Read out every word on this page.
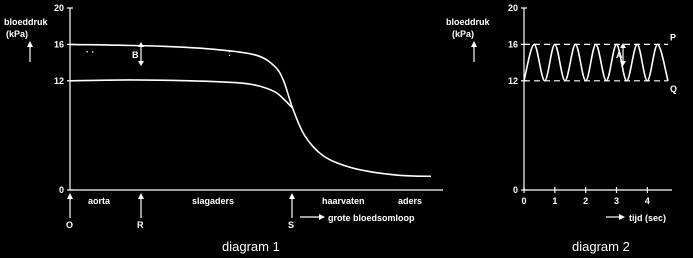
bloeddruk
(kPa)
0
12
16
20
· ·	:
B
aorta	slagaders	haarvaten	aders
O	R	S
grote bloedsomloop
diagram 1
bloeddruk
(kPa)
0
12
16
20
0	1	2	3	4
P
Q
A
tijd (sec)
diagram 2
